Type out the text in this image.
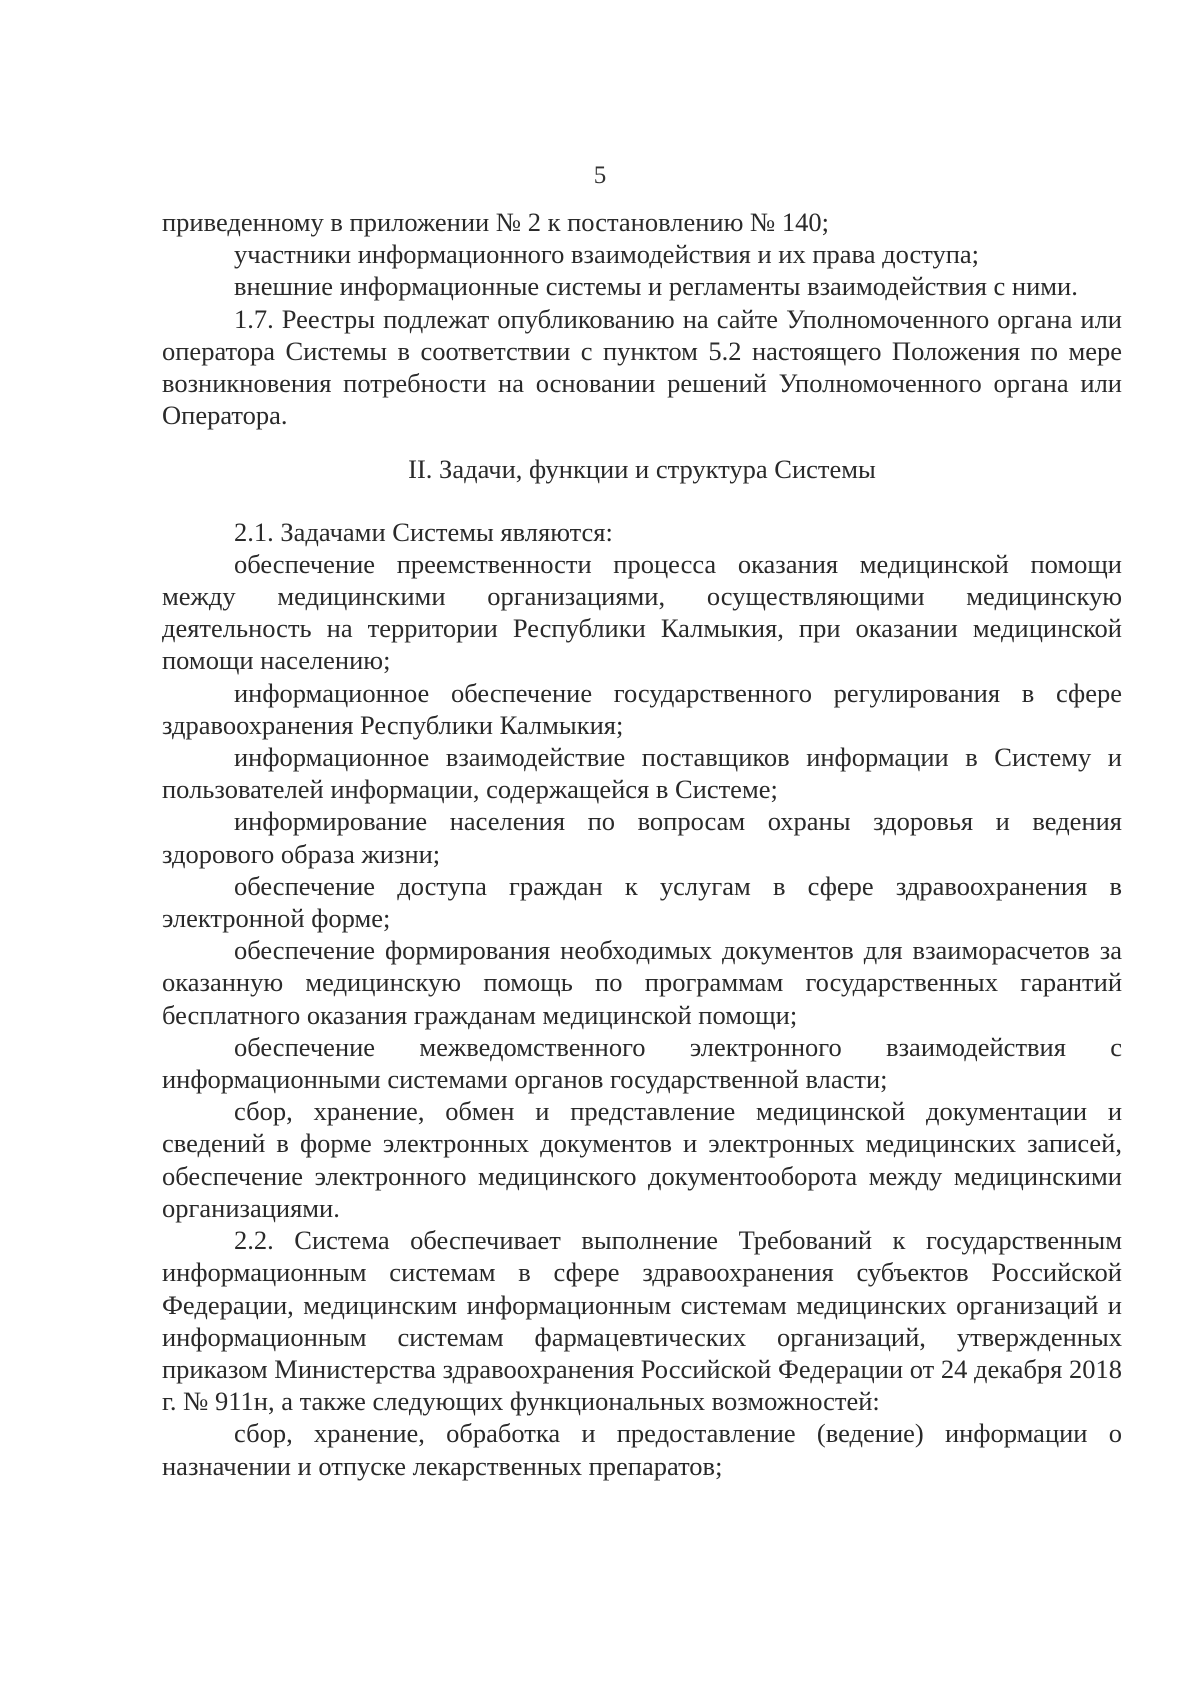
5

приведенному в приложении № 2 к постановлению № 140;

участники информационного взаимодействия и их права доступа;

внешние информационные системы и регламенты взаимодействия с ними.

1.7. Реестры подлежат опубликованию на сайте Уполномоченного органа или оператора Системы в соответствии с пунктом 5.2 настоящего Положения по мере возникновения потребности на основании решений Уполномоченного органа или Оператора.

II. Задачи, функции и структура Системы

2.1. Задачами Системы являются:

обеспечение преемственности процесса оказания медицинской помощи между медицинскими организациями, осуществляющими медицинскую деятельность на территории Республики Калмыкия, при оказании медицинской помощи населению;

информационное обеспечение государственного регулирования в сфере здравоохранения Республики Калмыкия;

информационное взаимодействие поставщиков информации в Систему и пользователей информации, содержащейся в Системе;

информирование населения по вопросам охраны здоровья и ведения здорового образа жизни;

обеспечение доступа граждан к услугам в сфере здравоохранения в электронной форме;

обеспечение формирования необходимых документов для взаиморасчетов за оказанную медицинскую помощь по программам государственных гарантий бесплатного оказания гражданам медицинской помощи;

обеспечение межведомственного электронного взаимодействия с информационными системами органов государственной власти;

сбор, хранение, обмен и представление медицинской документации и сведений в форме электронных документов и электронных медицинских записей, обеспечение электронного медицинского документооборота между медицинскими организациями.

2.2. Система обеспечивает выполнение Требований к государственным информационным системам в сфере здравоохранения субъектов Российской Федерации, медицинским информационным системам медицинских организаций и информационным системам фармацевтических организаций, утвержденных приказом Министерства здравоохранения Российской Федерации от 24 декабря 2018 г. № 911н, а также следующих функциональных возможностей:

сбор, хранение, обработка и предоставление (ведение) информации о назначении и отпуске лекарственных препаратов;
